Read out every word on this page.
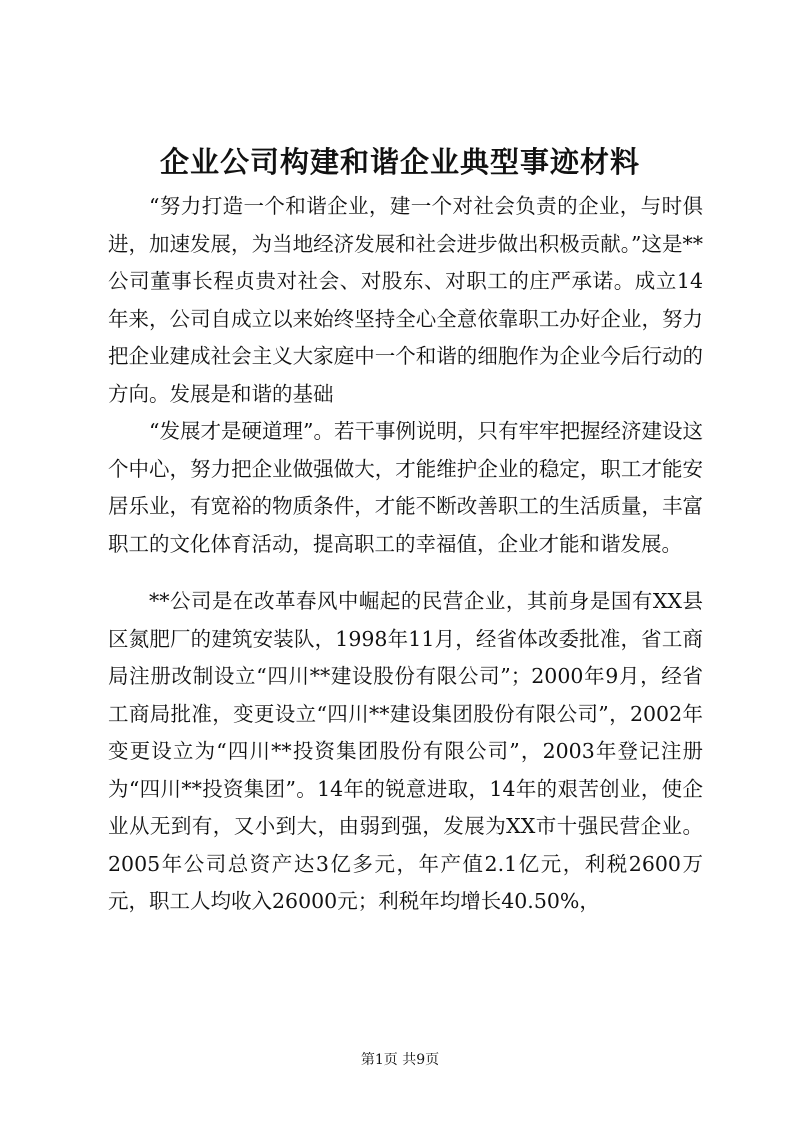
企业公司构建和谐企业典型事迹材料

“努力打造一个和谐企业，建一个对社会负责的企业，与时俱进，加速发展，为当地经济发展和社会进步做出积极贡献。”这是**公司董事长程贞贵对社会、对股东、对职工的庄严承诺。成立14年来，公司自成立以来始终坚持全心全意依靠职工办好企业，努力把企业建成社会主义大家庭中一个和谐的细胞作为企业今后行动的方向。发展是和谐的基础

“发展才是硬道理”。若干事例说明，只有牢牢把握经济建设这个中心，努力把企业做强做大，才能维护企业的稳定，职工才能安居乐业，有宽裕的物质条件，才能不断改善职工的生活质量，丰富职工的文化体育活动，提高职工的幸福值，企业才能和谐发展。

**公司是在改革春风中崛起的民营企业，其前身是国有XX县区氮肥厂的建筑安装队，1998年11月，经省体改委批准，省工商局注册改制设立“四川**建设股份有限公司”；2000年9月，经省工商局批准，变更设立“四川**建设集团股份有限公司”，2002年变更设立为“四川**投资集团股份有限公司”，2003年登记注册为“四川**投资集团”。14年的锐意进取，14年的艰苦创业，使企业从无到有，又小到大，由弱到强，发展为XX市十强民营企业。2005年公司总资产达3亿多元，年产值2.1亿元，利税2600万元，职工人均收入26000元；利税年均增长40.50%，

第1页 共9页
